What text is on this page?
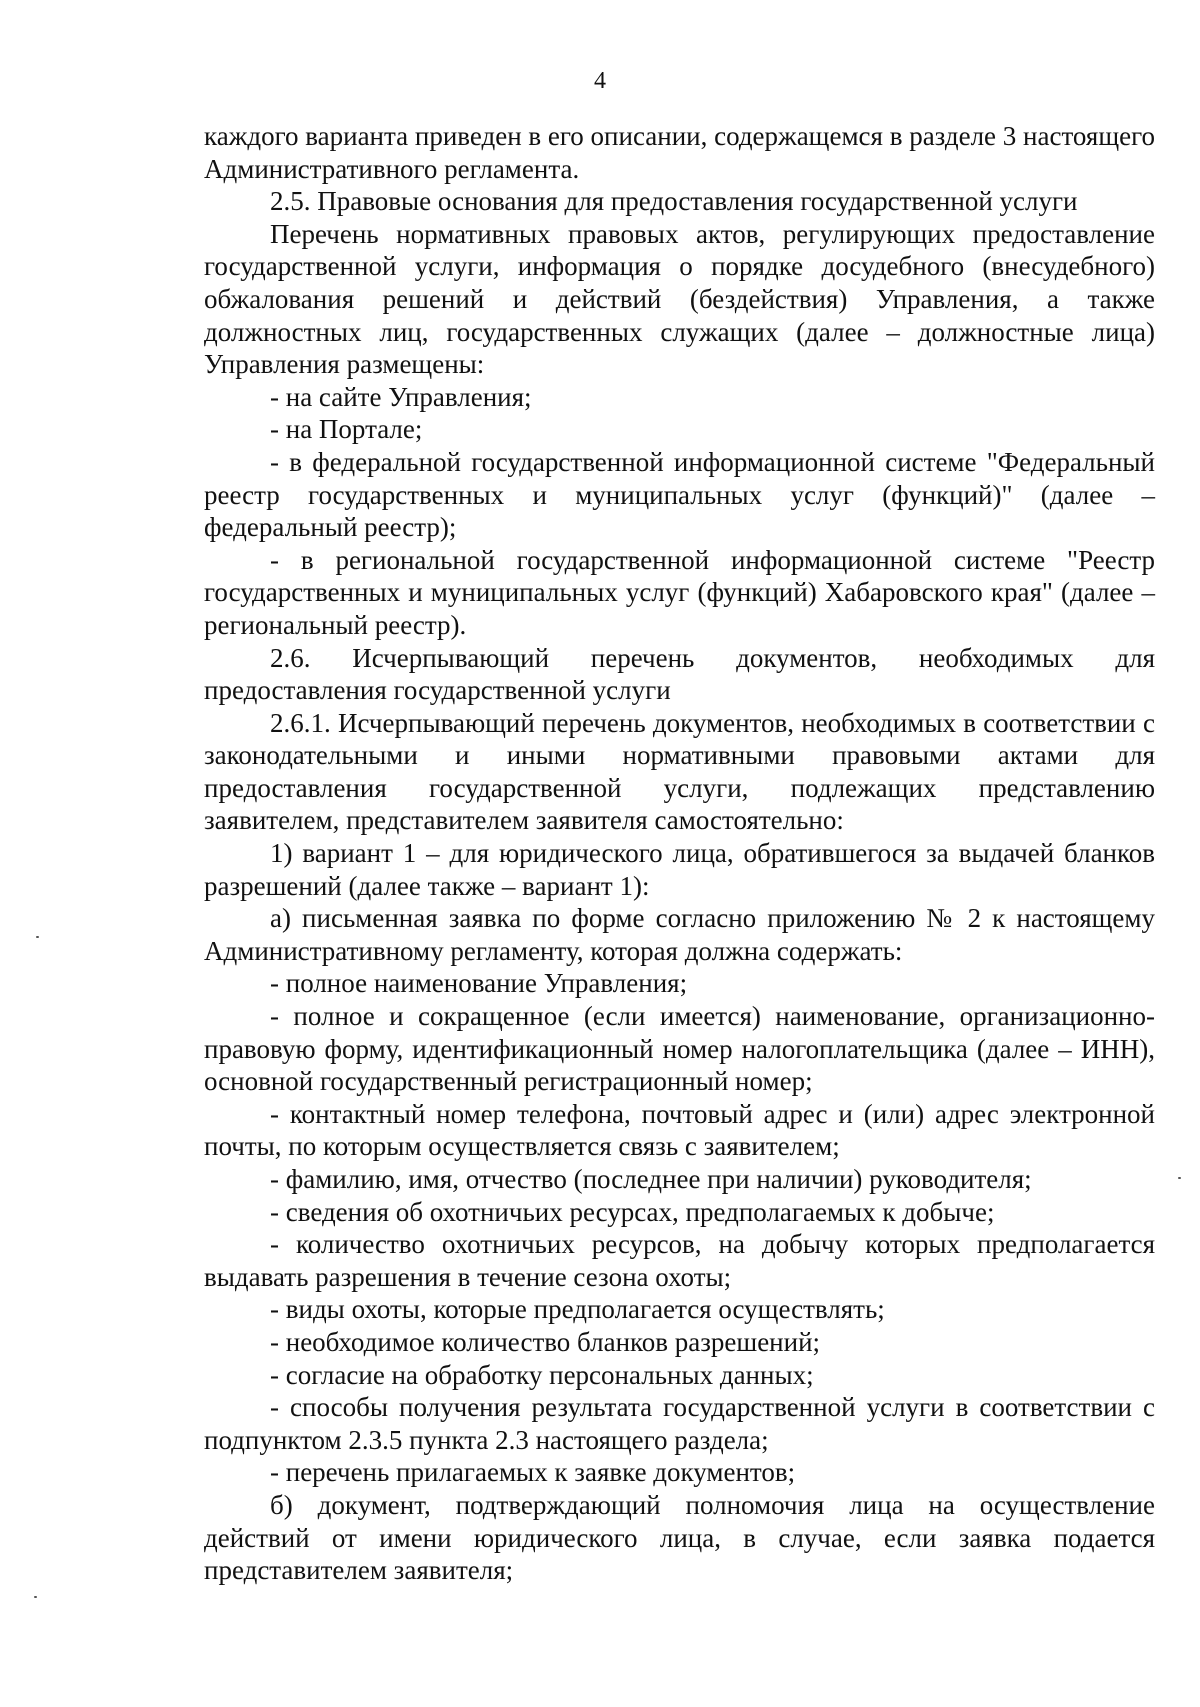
4

каждого варианта приведен в его описании, содержащемся в разделе 3 настоящего Административного регламента.

2.5. Правовые основания для предоставления государственной услуги

Перечень нормативных правовых актов, регулирующих предоставление государственной услуги, информация о порядке досудебного (внесудебного) обжалования решений и действий (бездействия) Управления, а также должностных лиц, государственных служащих (далее – должностные лица) Управления размещены:

- на сайте Управления;

- на Портале;

- в федеральной государственной информационной системе "Федеральный реестр государственных и муниципальных услуг (функций)" (далее – федеральный реестр);

- в региональной государственной информационной системе "Реестр государственных и муниципальных услуг (функций) Хабаровского края" (далее – региональный реестр).

2.6. Исчерпывающий перечень документов, необходимых для предоставления государственной услуги

2.6.1. Исчерпывающий перечень документов, необходимых в соответствии с законодательными и иными нормативными правовыми актами для предоставления государственной услуги, подлежащих представлению заявителем, представителем заявителя самостоятельно:

1) вариант 1 – для юридического лица, обратившегося за выдачей бланков разрешений (далее также – вариант 1):

а) письменная заявка по форме согласно приложению № 2 к настоящему Административному регламенту, которая должна содержать:

- полное наименование Управления;

- полное и сокращенное (если имеется) наименование, организационно-правовую форму, идентификационный номер налогоплательщика (далее – ИНН), основной государственный регистрационный номер;

- контактный номер телефона, почтовый адрес и (или) адрес электронной почты, по которым осуществляется связь с заявителем;

- фамилию, имя, отчество (последнее при наличии) руководителя;

- сведения об охотничьих ресурсах, предполагаемых к добыче;

- количество охотничьих ресурсов, на добычу которых предполагается выдавать разрешения в течение сезона охоты;

- виды охоты, которые предполагается осуществлять;

- необходимое количество бланков разрешений;

- согласие на обработку персональных данных;

- способы получения результата государственной услуги в соответствии с подпунктом 2.3.5 пункта 2.3 настоящего раздела;

- перечень прилагаемых к заявке документов;

б) документ, подтверждающий полномочия лица на осуществление действий от имени юридического лица, в случае, если заявка подается представителем заявителя;
